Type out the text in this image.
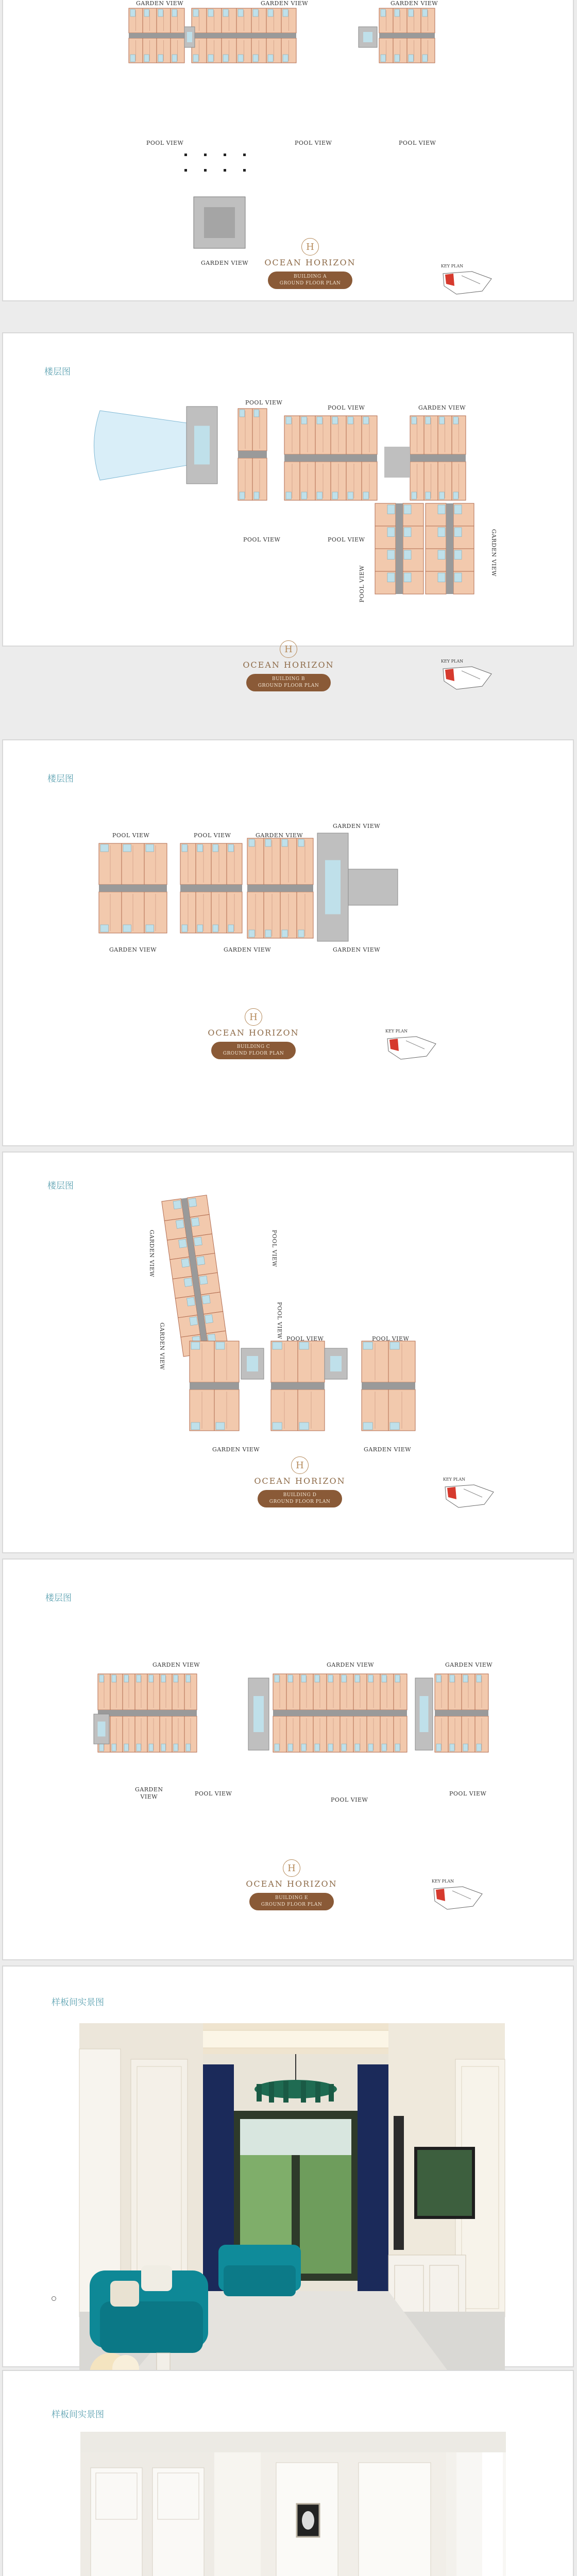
GARDEN VIEW	GARDEN VIEW	GARDEN VIEW
POOL VIEW	POOL VIEW	POOL VIEW
GARDEN VIEW
H
OCEAN HORIZON
BUILDING A
GROUND FLOOR PLAN
KEY PLAN
楼层图
POOL VIEW
POOL VIEW	GARDEN VIEW
POOL VIEW	POOL VIEW
POOL VIEW
GARDEN VIEW
H
OCEAN HORIZON
BUILDING B
GROUND FLOOR PLAN
KEY PLAN
楼层图
POOL VIEW	POOL VIEW	GARDEN VIEW
GARDEN VIEW
GARDEN VIEW	GARDEN VIEW	GARDEN VIEW
H
OCEAN HORIZON
BUILDING C
GROUND FLOOR PLAN
KEY PLAN
楼层图
GARDEN VIEW	POOL VIEW
POOL VIEW
GARDEN VIEW	POOL VIEW	POOL VIEW
GARDEN VIEW	GARDEN VIEW
H
OCEAN HORIZON
BUILDING D
GROUND FLOOR PLAN
KEY PLAN
楼层图
GARDEN VIEW	GARDEN VIEW	GARDEN VIEW
GARDEN
VIEW	POOL VIEW
POOL VIEW
POOL VIEW
H
OCEAN HORIZON
BUILDING E
GROUND FLOOR PLAN
KEY PLAN
样板间实景图
样板间实景图
